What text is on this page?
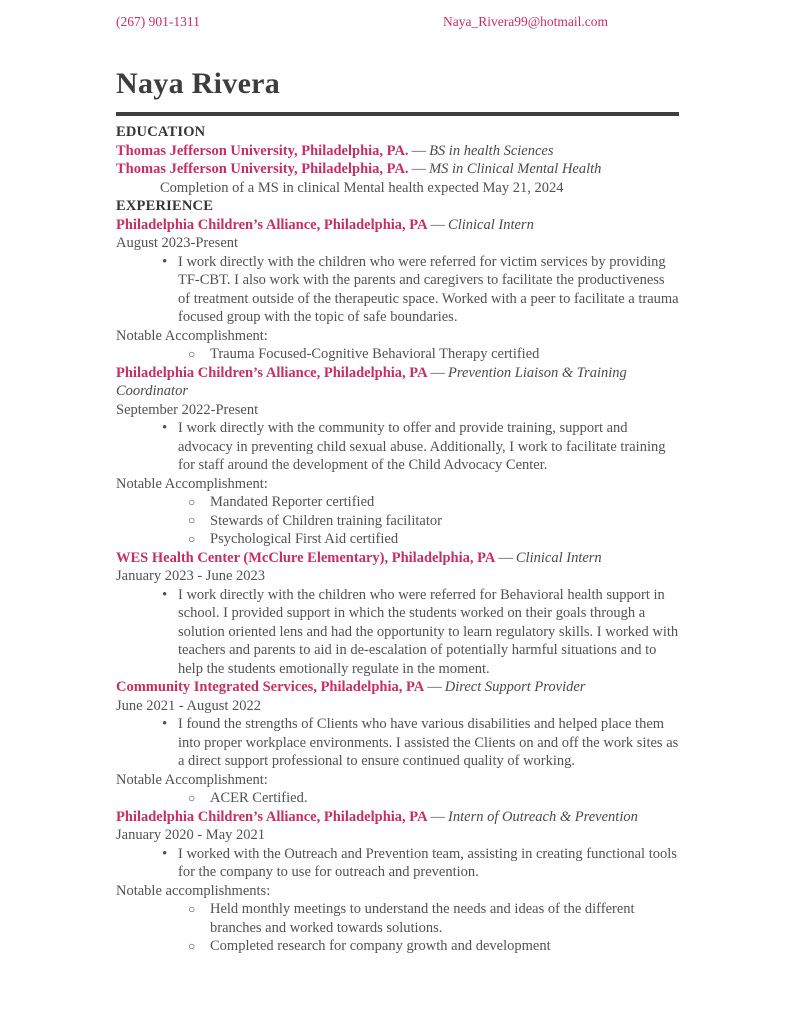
(267) 901-1311	Naya_Rivera99@hotmail.com
Naya Rivera
EDUCATION

Thomas Jefferson University, Philadelphia, PA. — BS in health Sciences

Thomas Jefferson University, Philadelphia, PA. — MS in Clinical Mental Health

Completion of a MS in clinical Mental health expected May 21, 2024

EXPERIENCE

Philadelphia Children’s Alliance, Philadelphia, PA — Clinical Intern

August 2023-Present

• I work directly with the children who were referred for victim services by providing TF-CBT. I also work with the parents and caregivers to facilitate the productiveness of treatment outside of the therapeutic space. Worked with a peer to facilitate a trauma focused group with the topic of safe boundaries.

Notable Accomplishment:

○ Trauma Focused-Cognitive Behavioral Therapy certified

Philadelphia Children’s Alliance, Philadelphia, PA — Prevention Liaison & Training Coordinator

September 2022-Present

• I work directly with the community to offer and provide training, support and advocacy in preventing child sexual abuse. Additionally, I work to facilitate training for staff around the development of the Child Advocacy Center.

Notable Accomplishment:

○ Mandated Reporter certified
○ Stewards of Children training facilitator
○ Psychological First Aid certified

WES Health Center (McClure Elementary), Philadelphia, PA — Clinical Intern

January 2023 - June 2023

• I work directly with the children who were referred for Behavioral health support in school. I provided support in which the students worked on their goals through a solution oriented lens and had the opportunity to learn regulatory skills. I worked with teachers and parents to aid in de-escalation of potentially harmful situations and to help the students emotionally regulate in the moment.

Community Integrated Services, Philadelphia, PA — Direct Support Provider

June 2021 - August 2022

• I found the strengths of Clients who have various disabilities and helped place them into proper workplace environments. I assisted the Clients on and off the work sites as a direct support professional to ensure continued quality of working.

Notable Accomplishment:

○ ACER Certified.

Philadelphia Children’s Alliance, Philadelphia, PA — Intern of Outreach & Prevention

January 2020 - May 2021

• I worked with the Outreach and Prevention team, assisting in creating functional tools for the company to use for outreach and prevention.

Notable accomplishments:

○ Held monthly meetings to understand the needs and ideas of the different branches and worked towards solutions.
○ Completed research for company growth and development
